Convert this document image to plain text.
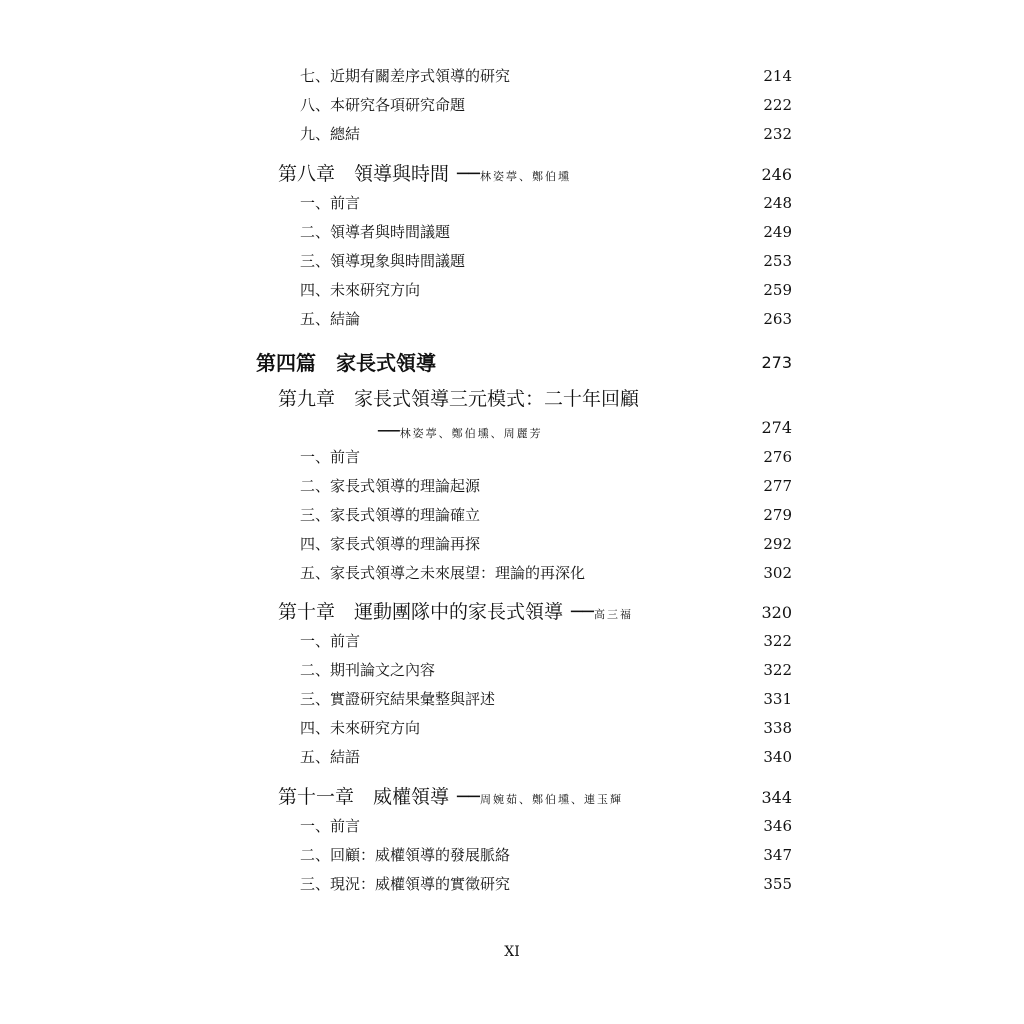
七、近期有關差序式領導的研究	214
八、本研究各項研究命題	222
九、總結	232
第八章　領導與時間 ──林姿葶、鄭伯壎	246
一、前言	248
二、領導者與時間議題	249
三、領導現象與時間議題	253
四、未來研究方向	259
五、結論	263
第四篇　家長式領導	273
第九章　家長式領導三元模式：二十年回顧
──林姿葶、鄭伯壎、周麗芳	274
一、前言	276
二、家長式領導的理論起源	277
三、家長式領導的理論確立	279
四、家長式領導的理論再探	292
五、家長式領導之未來展望：理論的再深化	302
第十章　運動團隊中的家長式領導 ──高三福	320
一、前言	322
二、期刊論文之內容	322
三、實證研究結果彙整與評述	331
四、未來研究方向	338
五、結語	340
第十一章　威權領導 ──周婉茹、鄭伯壎、連玉輝	344
一、前言	346
二、回顧：威權領導的發展脈絡	347
三、現況：威權領導的實徵研究	355
XI
